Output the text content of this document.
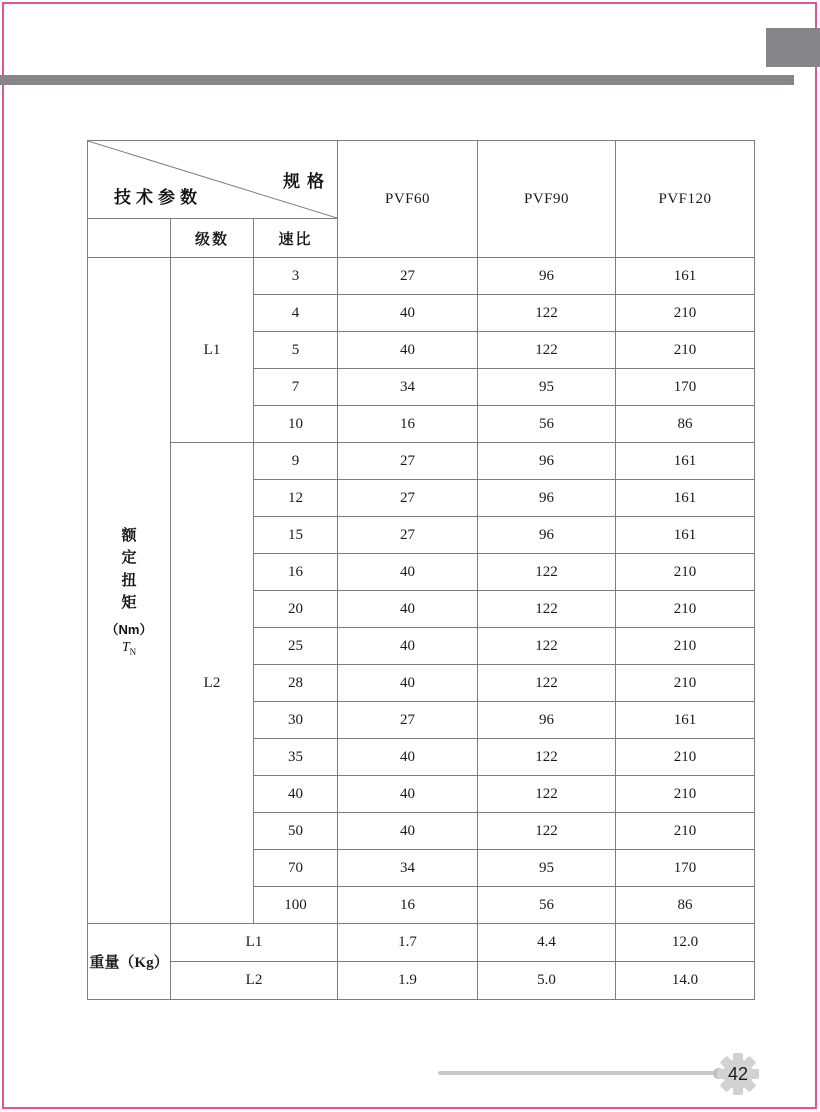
技术参数
规格			PVF60	PVF90	PVF120
	级数	速比			

额定扭矩
（Nm）
$T_N$	L1	3	27	96	161
		4	40	122	210
		5	40	122	210
		7	34	95	170
		10	16	56	86
	L2	9	27	96	161
		12	27	96	161
		15	27	96	161
		16	40	122	210
		20	40	122	210
		25	40	122	210
		28	40	122	210
		30	27	96	161
		35	40	122	210
		40	40	122	210
		50	40	122	210
		70	34	95	170
		100	16	56	86
重量（Kg）	L1		1.7	4.4	12.0
	L2		1.9	5.0	14.0
42
